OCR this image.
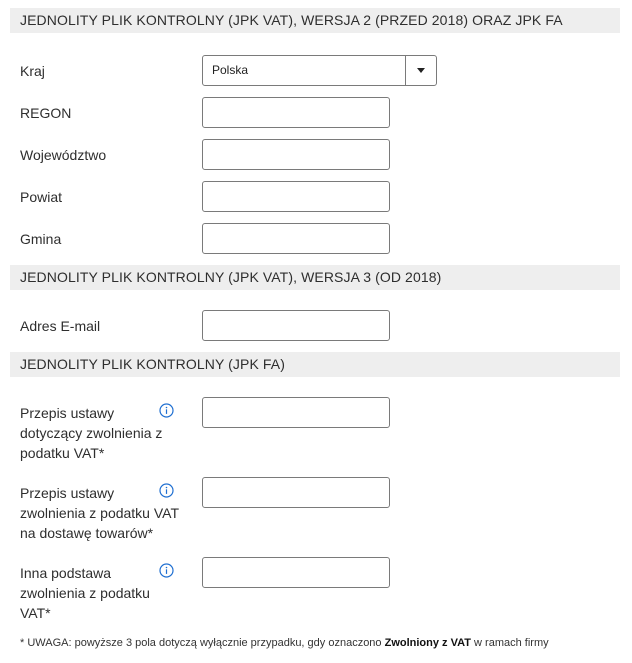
JEDNOLITY PLIK KONTROLNY (JPK VAT), WERSJA 2 (PRZED 2018) ORAZ JPK FA
Kraj	Polska
REGON
Województwo
Powiat
Gmina
JEDNOLITY PLIK KONTROLNY (JPK VAT), WERSJA 3 (OD 2018)
Adres E-mail
JEDNOLITY PLIK KONTROLNY (JPK FA)
Przepis ustawy
dotyczący zwolnienia z
podatku VAT*
Przepis ustawy
zwolnienia z podatku VAT
na dostawę towarów*
Inna podstawa
zwolnienia z podatku
VAT*
* UWAGA: powyższe 3 pola dotyczą wyłącznie przypadku, gdy oznaczono Zwolniony z VAT w ramach firmy
